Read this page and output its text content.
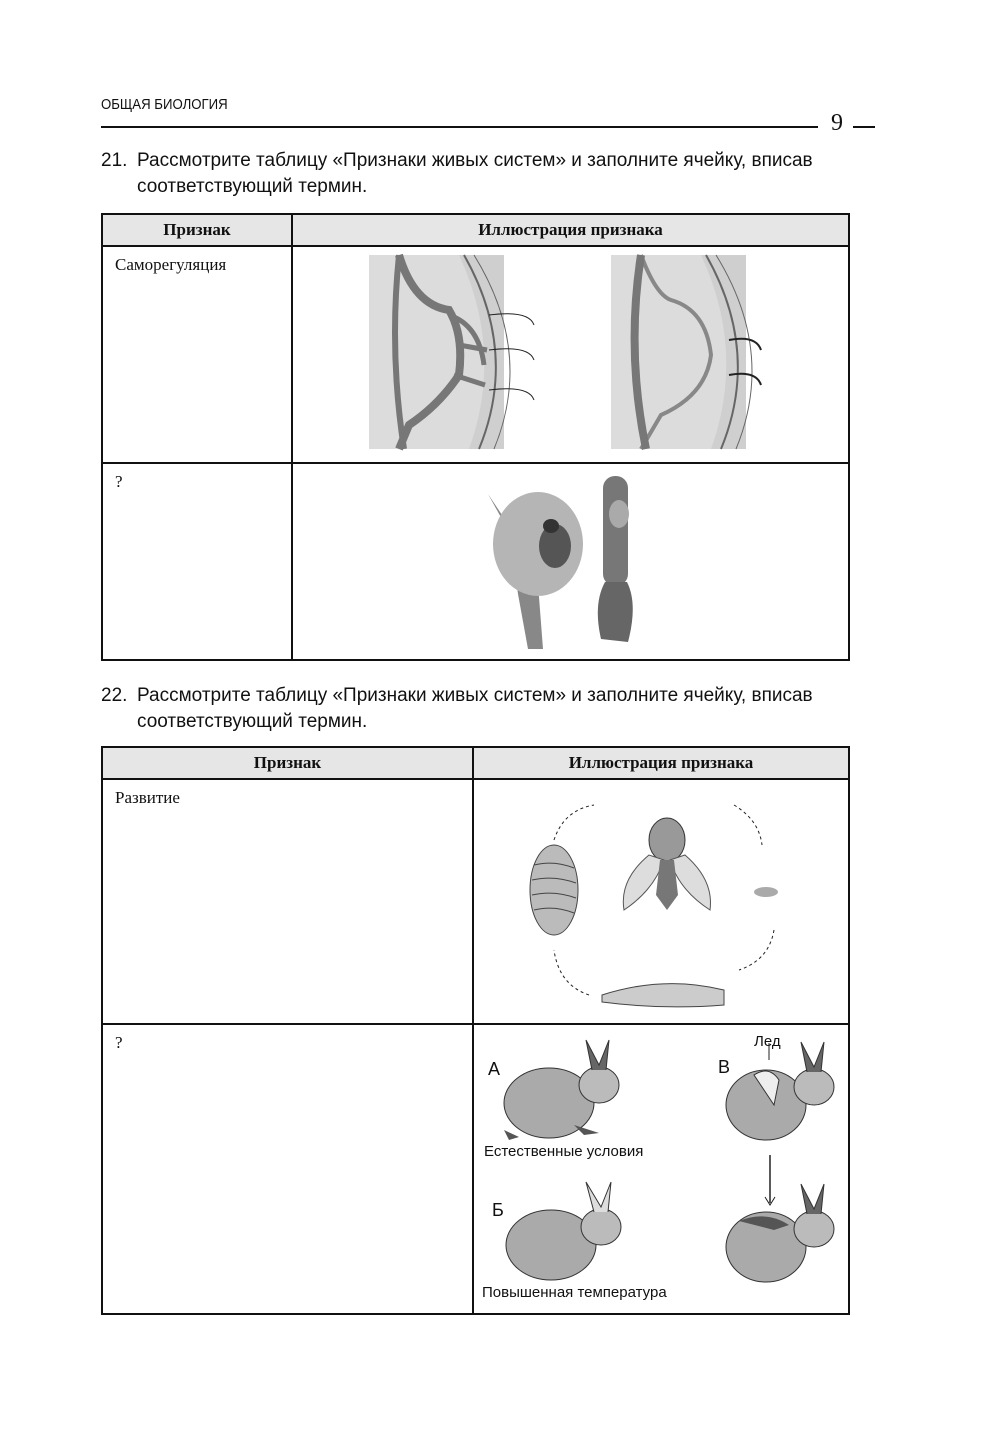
ОБЩАЯ БИОЛОГИЯ
9
21. Рассмотрите таблицу «Признаки живых систем» и заполните ячейку, вписав
соответствующий термин.
Признак	Иллюстрация признака
Саморегуляция	
?	
22. Рассмотрите таблицу «Признаки живых систем» и заполните ячейку, вписав
соответствующий термин.
Признак	Иллюстрация признака
Развитие	
?	
А	В
Лед
Б
Естественные условия
Повышенная температура
